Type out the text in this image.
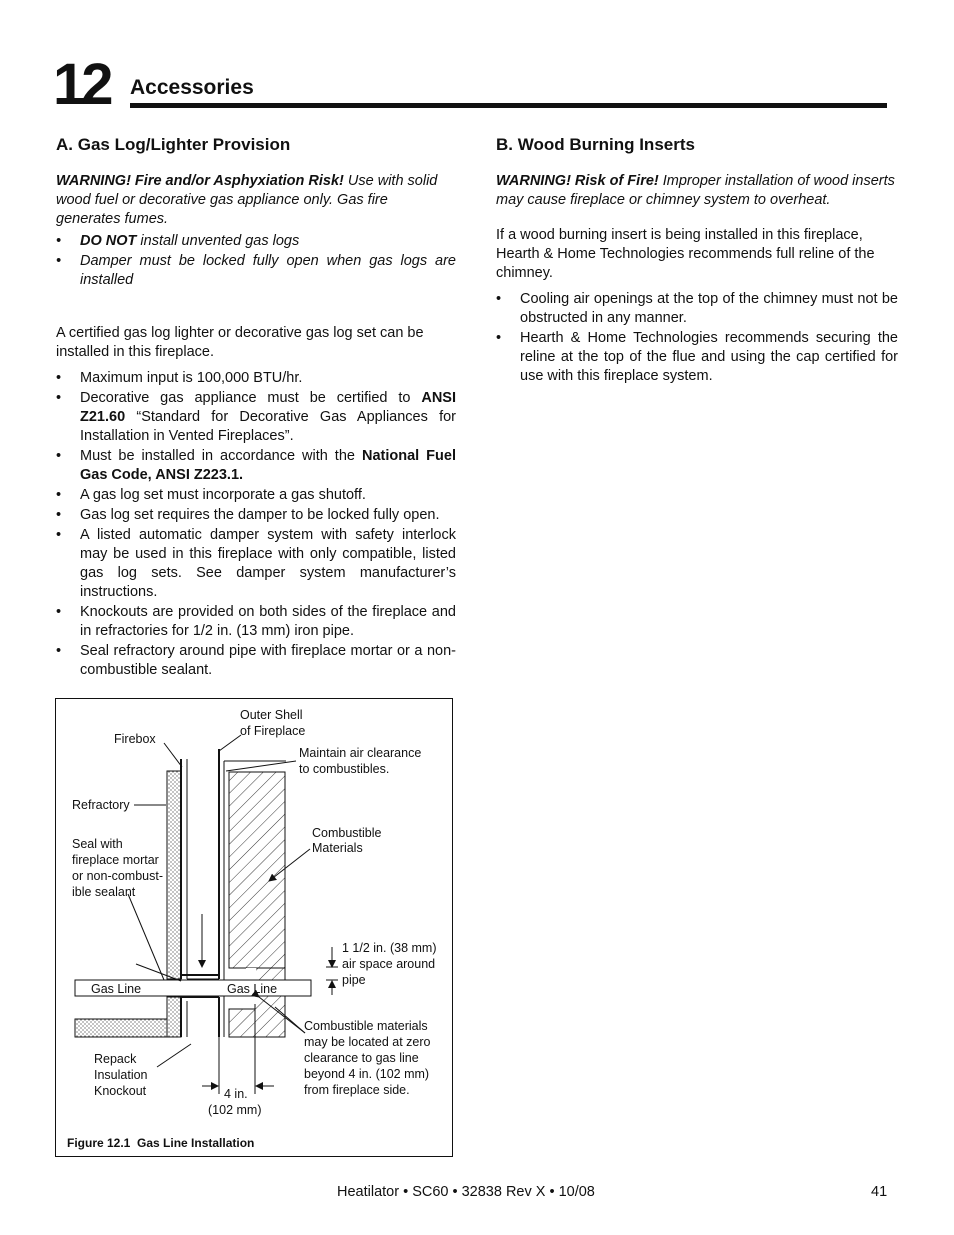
12 Accessories
A. Gas Log/Lighter Provision

WARNING! Fire and/or Asphyxiation Risk! Use with solid wood fuel or decorative gas appliance only. Gas fire generates fumes.

• DO NOT install unvented gas logs
• Damper must be locked fully open when gas logs are installed

A certified gas log lighter or decorative gas log set can be installed in this fireplace.

• Maximum input is 100,000 BTU/hr.
• Decorative gas appliance must be certified to ANSI Z21.60 “Standard for Decorative Gas Appliances for Installation in Vented Fireplaces”.
• Must be installed in accordance with the National Fuel Gas Code, ANSI Z223.1.
• A gas log set must incorporate a gas shutoff.
• Gas log set requires the damper to be locked fully open.
• A listed automatic damper system with safety interlock may be used in this fireplace with only compatible, listed gas log sets. See damper system manufacturer’s instructions.
• Knockouts are provided on both sides of the fireplace and in refractories for 1/2 in. (13 mm) iron pipe.
• Seal refractory around pipe with fireplace mortar or a non-combustible sealant.
B. Wood Burning Inserts

WARNING! Risk of Fire! Improper installation of wood inserts may cause fireplace or chimney system to overheat.

If a wood burning insert is being installed in this fireplace, Hearth & Home Technologies recommends full reline of the chimney.

• Cooling air openings at the top of the chimney must not be obstructed in any manner.
• Hearth & Home Technologies recommends securing the reline at the top of the flue and using the cap certified for use with this fireplace system.
Outer Shell of Fireplace
Firebox
Maintain air clearance to combustibles.
Refractory
Combustible Materials
Seal with fireplace mortar or non-combust-ible sealant
1 1/2 in. (38 mm) air space around pipe
Gas Line	Gas Line
Combustible materials may be located at zero clearance to gas line beyond 4 in. (102 mm) from fireplace side.
Repack Insulation Knockout	4 in. (102 mm)
Figure 12.1  Gas Line Installation
Heatilator • SC60 • 32838 Rev X • 10/08	41
